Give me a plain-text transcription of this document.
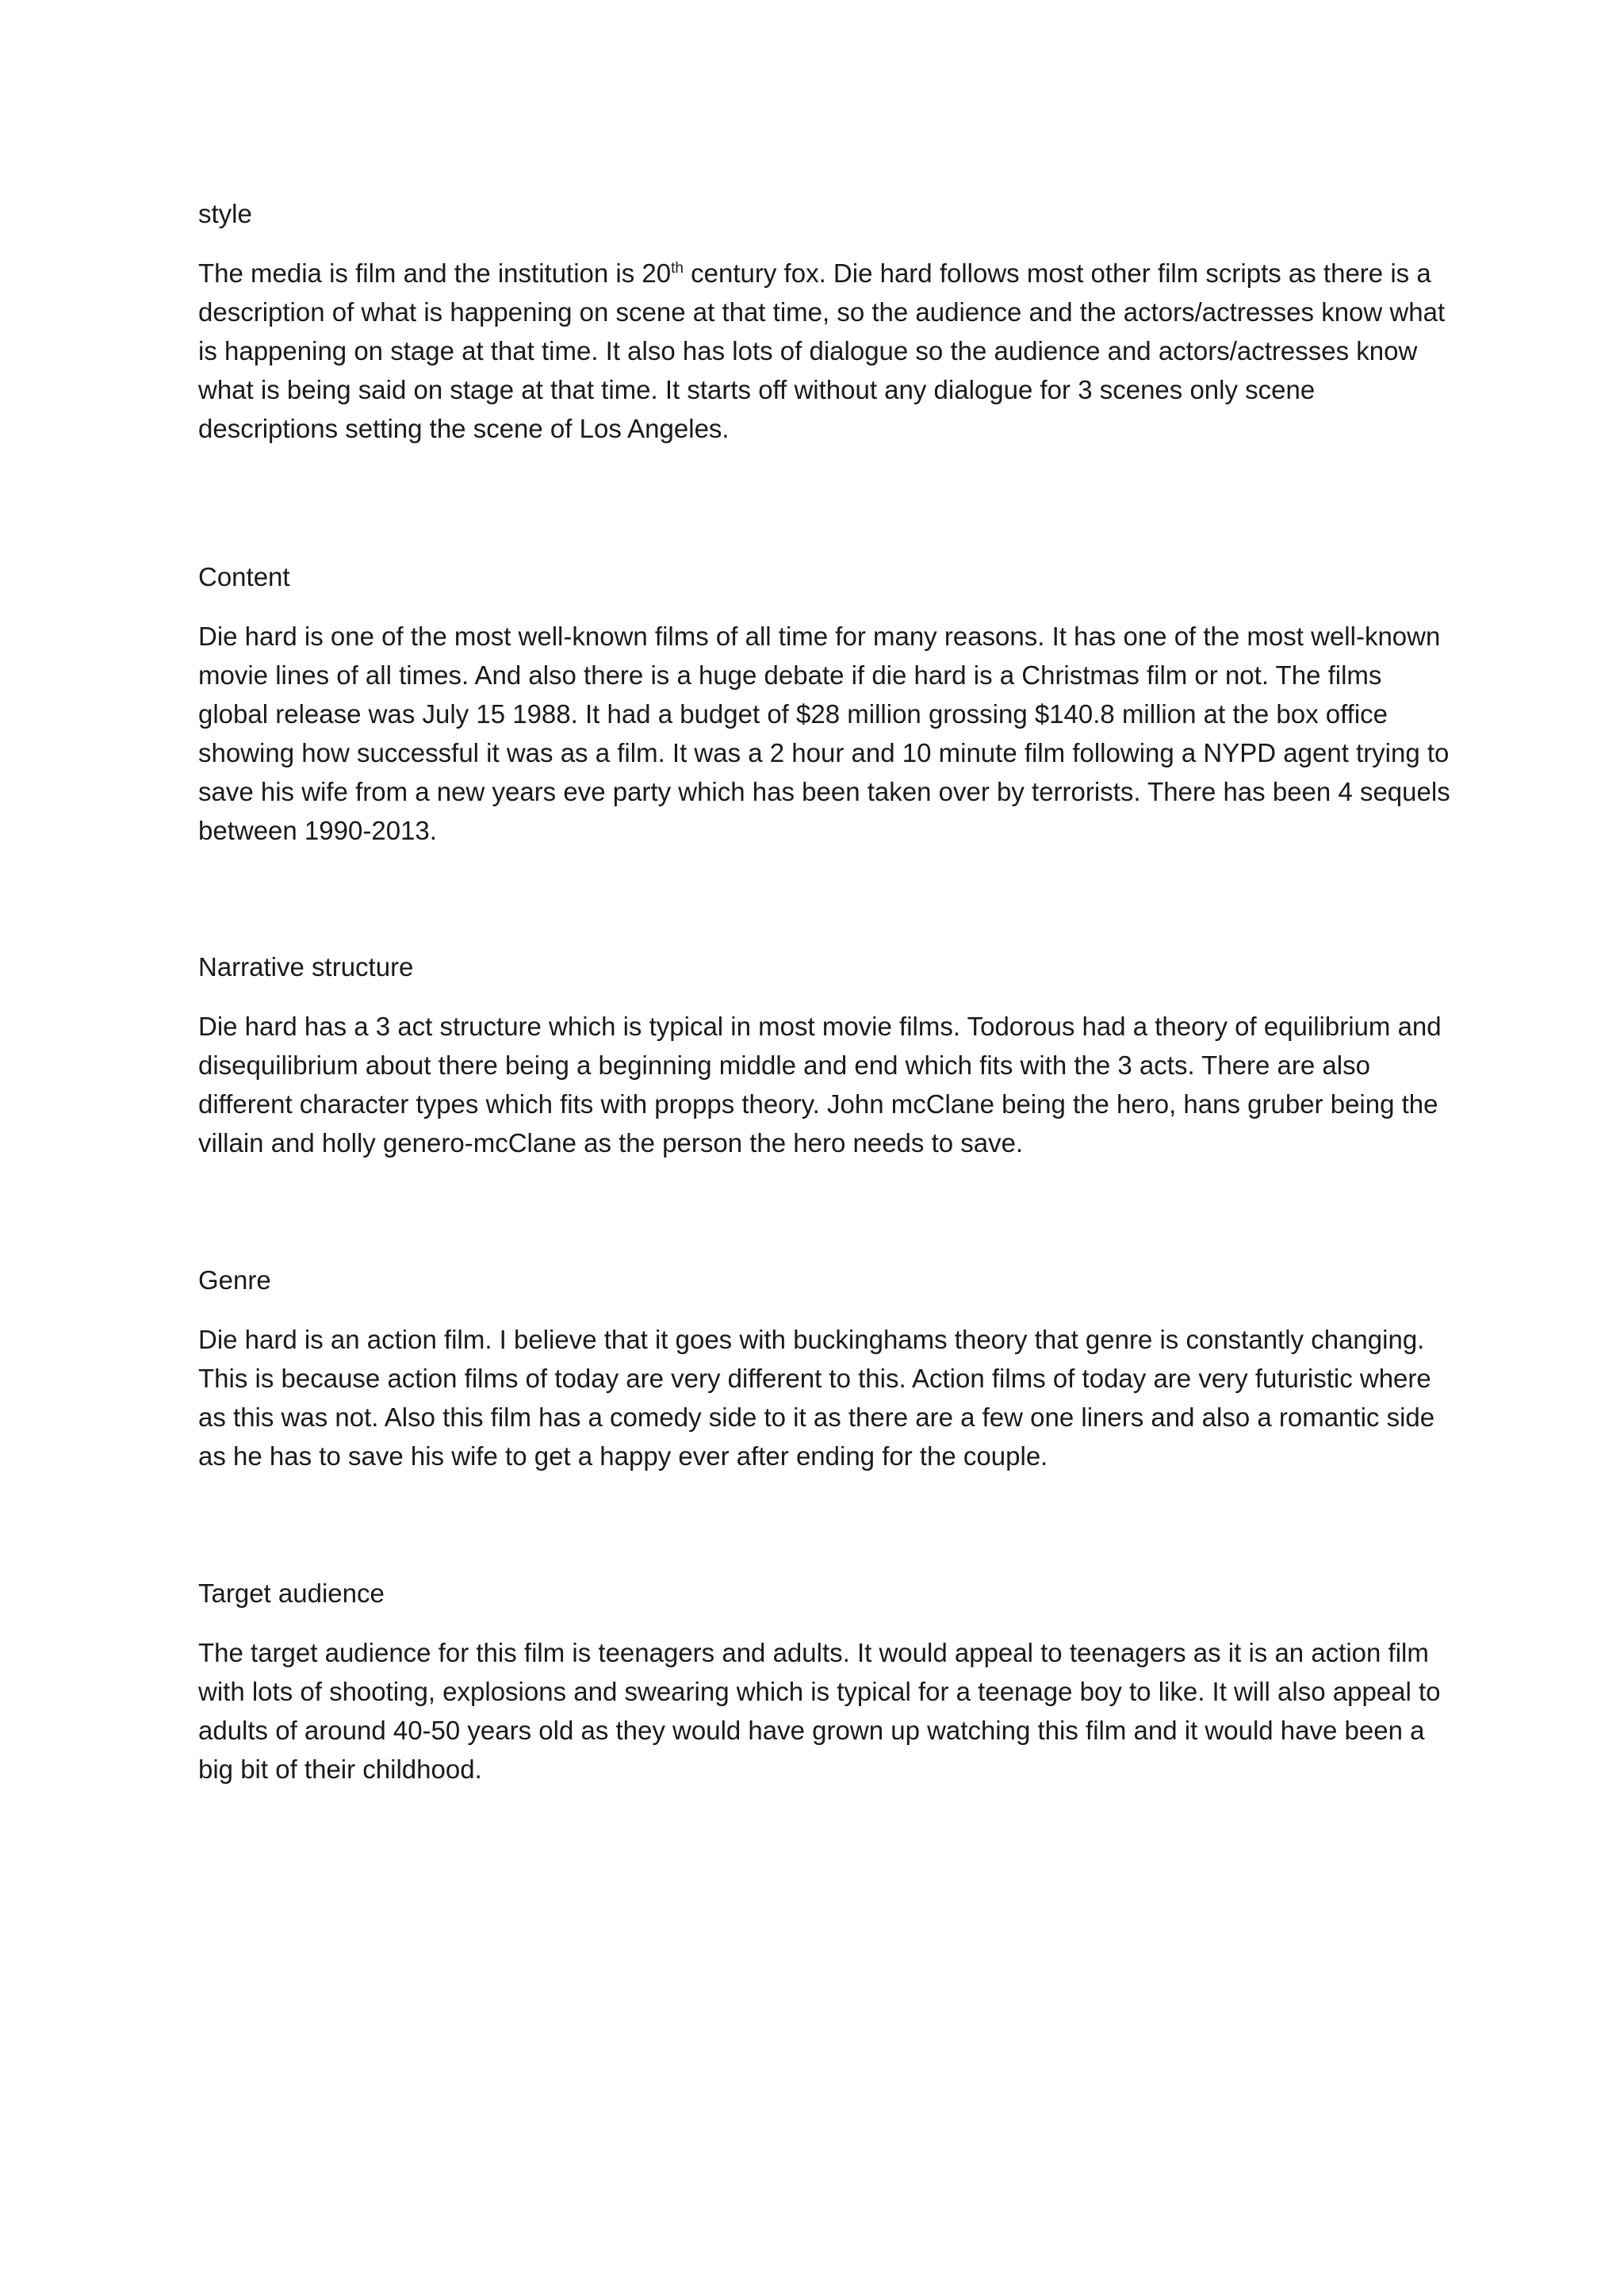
style

The media is film and the institution is 20th century fox. Die hard follows most other film scripts as there is a description of what is happening on scene at that time, so the audience and the actors/actresses know what is happening on stage at that time. It also has lots of dialogue so the audience and actors/actresses know what is being said on stage at that time. It starts off without any dialogue for 3 scenes only scene descriptions setting the scene of Los Angeles.

Content

Die hard is one of the most well-known films of all time for many reasons. It has one of the most well-known movie lines of all times. And also there is a huge debate if die hard is a Christmas film or not. The films global release was July 15 1988. It had a budget of $28 million grossing $140.8 million at the box office showing how successful it was as a film. It was a 2 hour and 10 minute film following a NYPD agent trying to save his wife from a new years eve party which has been taken over by terrorists. There has been 4 sequels between 1990-2013.

Narrative structure

Die hard has a 3 act structure which is typical in most movie films. Todorous had a theory of equilibrium and disequilibrium about there being a beginning middle and end which fits with the 3 acts. There are also different character types which fits with propps theory. John mcClane being the hero, hans gruber being the villain and holly genero-mcClane as the person the hero needs to save.

Genre

Die hard is an action film. I believe that it goes with buckinghams theory that genre is constantly changing. This is because action films of today are very different to this. Action films of today are very futuristic where as this was not. Also this film has a comedy side to it as there are a few one liners and also a romantic side as he has to save his wife to get a happy ever after ending for the couple.

Target audience

The target audience for this film is teenagers and adults. It would appeal to teenagers as it is an action film with lots of shooting, explosions and swearing which is typical for a teenage boy to like. It will also appeal to adults of around 40-50 years old as they would have grown up watching this film and it would have been a big bit of their childhood.
